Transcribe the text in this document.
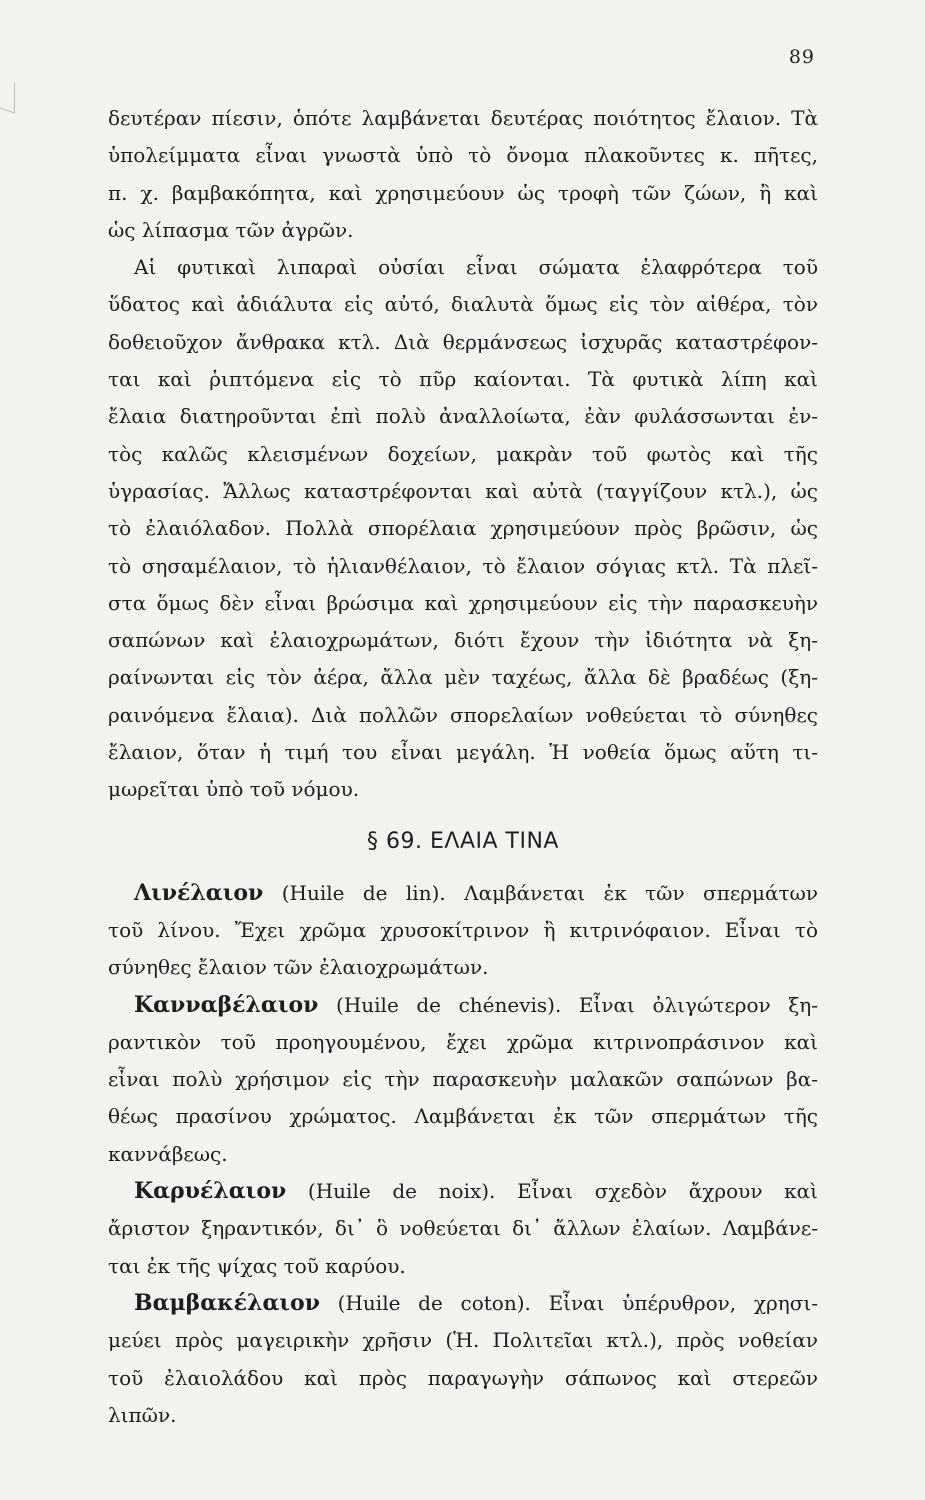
89
δευτέραν πίεσιν, ὁπότε λαμβάνεται δευτέρας ποιότητος ἔλαιον. Τὰ
ὑπολείμματα εἶναι γνωστὰ ὑπὸ τὸ ὄνομα πλακοῦντες κ. πῆτες,
π. χ. βαμβακόπητα, καὶ χρησιμεύουν ὡς τροφὴ τῶν ζώων, ἢ καὶ
ὡς λίπασμα τῶν ἀγρῶν.
Αἱ φυτικαὶ λιπαραὶ οὐσίαι εἶναι σώματα ἐλαφρότερα τοῦ
ὕδατος καὶ ἀδιάλυτα εἰς αὐτό, διαλυτὰ ὅμως εἰς τὸν αἰθέρα, τὸν
δοθειοῦχον ἄνθρακα κτλ. Διὰ θερμάνσεως ἰσχυρᾶς καταστρέφον-
ται καὶ ῥιπτόμενα εἰς τὸ πῦρ καίονται. Τὰ φυτικὰ λίπη καὶ
ἔλαια διατηροῦνται ἐπὶ πολὺ ἀναλλοίωτα, ἐὰν φυλάσσωνται ἐν-
τὸς καλῶς κλεισμένων δοχείων, μακρὰν τοῦ φωτὸς καὶ τῆς
ὑγρασίας. Ἄλλως καταστρέφονται καὶ αὐτὰ (ταγγίζουν κτλ.), ὡς
τὸ ἐλαιόλαδον. Πολλὰ σπορέλαια χρησιμεύουν πρὸς βρῶσιν, ὡς
τὸ σησαμέλαιον, τὸ ἡλιανθέλαιον, τὸ ἔλαιον σόγιας κτλ. Τὰ πλεῖ-
στα ὅμως δὲν εἶναι βρώσιμα καὶ χρησιμεύουν εἰς τὴν παρασκευὴν
σαπώνων καὶ ἐλαιοχρωμάτων, διότι ἔχουν τὴν ἰδιότητα νὰ ξη-
ραίνωνται εἰς τὸν ἀέρα, ἄλλα μὲν ταχέως, ἄλλα δὲ βραδέως (ξη-
ραινόμενα ἔλαια). Διὰ πολλῶν σπορελαίων νοθεύεται τὸ σύνηθες
ἔλαιον, ὅταν ἡ τιμή του εἶναι μεγάλη. Ἡ νοθεία ὅμως αὕτη τι-
μωρεῖται ὑπὸ τοῦ νόμου.
§ 69. ΕΛΑΙΑ ΤΙΝΑ
Λινέλαιον (Huile de lin). Λαμβάνεται ἐκ τῶν σπερμάτων
τοῦ λίνου. Ἔχει χρῶμα χρυσοκίτρινον ἢ κιτρινόφαιον. Εἶναι τὸ
σύνηθες ἔλαιον τῶν ἐλαιοχρωμάτων.
Κανναβέλαιον (Huile de chénevis). Εἶναι ὀλιγώτερον ξη-
ραντικὸν τοῦ προηγουμένου, ἔχει χρῶμα κιτρινοπράσινον καὶ
εἶναι πολὺ χρήσιμον εἰς τὴν παρασκευὴν μαλακῶν σαπώνων βα-
θέως πρασίνου χρώματος. Λαμβάνεται ἐκ τῶν σπερμάτων τῆς
καννάβεως.
Καρυέλαιον (Huile de noix). Εἶναι σχεδὸν ἄχρουν καὶ
ἄριστον ξηραντικόν, δι᾽ ὃ νοθεύεται δι᾽ ἄλλων ἐλαίων. Λαμβάνε-
ται ἐκ τῆς ψίχας τοῦ καρύου.
Βαμβακέλαιον (Huile de coton). Εἶναι ὑπέρυθρον, χρησι-
μεύει πρὸς μαγειρικὴν χρῆσιν (Ἡ. Πολιτεῖαι κτλ.), πρὸς νοθείαν
τοῦ ἐλαιολάδου καὶ πρὸς παραγωγὴν σάπωνος καὶ στερεῶν
λιπῶν.
